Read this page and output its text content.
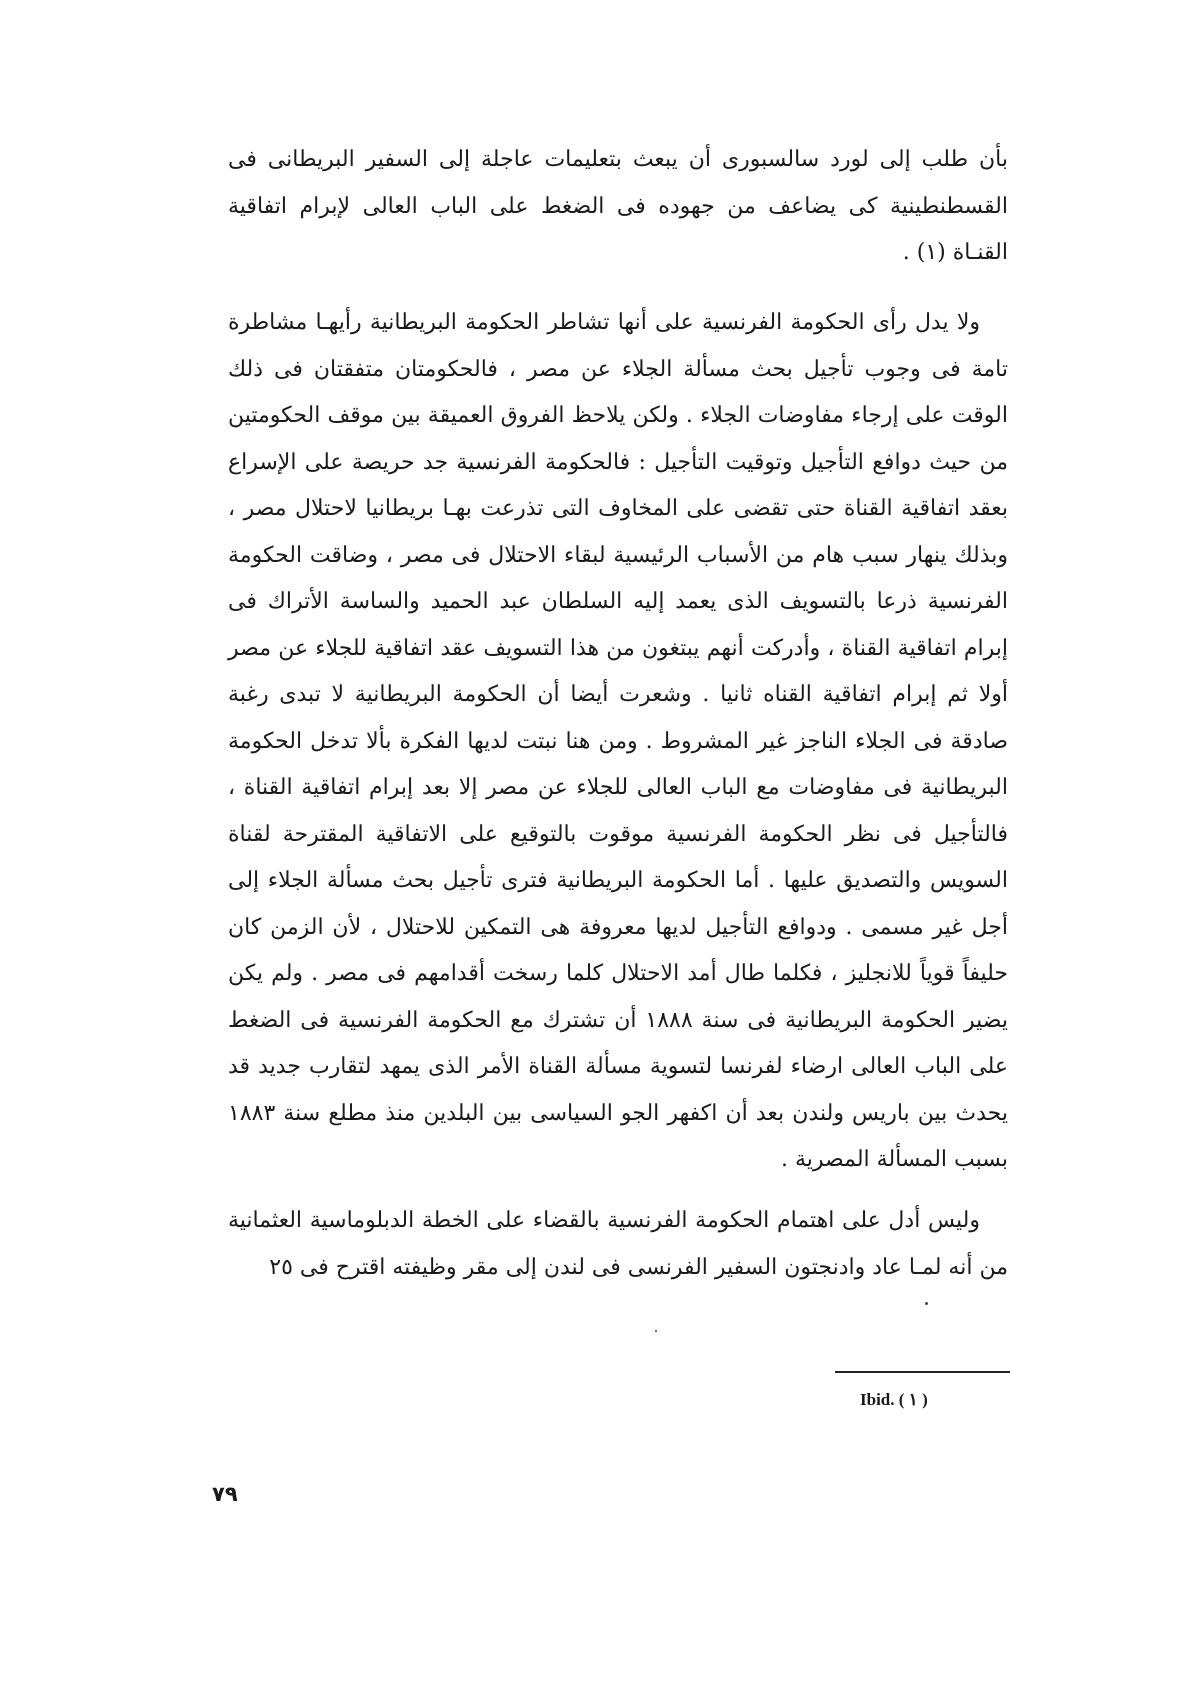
بأن طلب إلى لورد سالسبورى أن يبعث بتعليمات عاجلة إلى السفير البريطانى فى القسطنطينية كى يضاعف من جهوده فى الضغط على الباب العالى لإبرام اتفاقية القنـاة (١) .

ولا يدل رأى الحكومة الفرنسية على أنها تشاطر الحكومة البريطانية رأيهـا مشاطرة تامة فى وجوب تأجيل بحث مسألة الجلاء عن مصر ، فالحكومتان متفقتان فى ذلك الوقت على إرجاء مفاوضات الجلاء . ولكن يلاحظ الفروق العميقة بين موقف الحكومتين من حيث دوافع التأجيل وتوقيت التأجيل : فالحكومة الفرنسية جد حريصة على الإسراع بعقد اتفاقية القناة حتى تقضى على المخاوف التى تذرعت بهـا بريطانيا لاحتلال مصر ، وبذلك ينهار سبب هام من الأسباب الرئيسية لبقاء الاحتلال فى مصر ، وضاقت الحكومة الفرنسية ذرعا بالتسويف الذى يعمد إليه السلطان عبد الحميد والساسة الأتراك فى إبرام اتفاقية القناة ، وأدركت أنهم يبتغون من هذا التسويف عقد اتفاقية للجلاء عن مصر أولا ثم إبرام اتفاقية القناه ثانيا . وشعرت أيضا أن الحكومة البريطانية لا تبدى رغبة صادقة فى الجلاء الناجز غير المشروط . ومن هنا نبتت لديها الفكرة بألا تدخل الحكومة البريطانية فى مفاوضات مع الباب العالى للجلاء عن مصر إلا بعد إبرام اتفاقية القناة ، فالتأجيل فى نظر الحكومة الفرنسية موقوت بالتوقيع على الاتفاقية المقترحة لقناة السويس والتصديق عليها . أما الحكومة البريطانية فترى تأجيل بحث مسألة الجلاء إلى أجل غير مسمى . ودوافع التأجيل لديها معروفة هى التمكين للاحتلال ، لأن الزمن كان حليفاً قوياً للانجليز ، فكلما طال أمد الاحتلال كلما رسخت أقدامهم فى مصر . ولم يكن يضير الحكومة البريطانية فى سنة ١٨٨٨ أن تشترك مع الحكومة الفرنسية فى الضغط على الباب العالى ارضاء لفرنسا لتسوية مسألة القناة الأمر الذى يمهد لتقارب جديد قد يحدث بين باريس ولندن بعد أن اكفهر الجو السياسى بين البلدين منذ مطلع سنة ١٨٨٣ بسبب المسألة المصرية .

وليس أدل على اهتمام الحكومة الفرنسية بالقضاء على الخطة الدبلوماسية العثمانية من أنه لمـا عاد وادنجتون السفير الفرنسى فى لندن إلى مقر وظيفته اقترح فى ٢٥

Ibid. ( ١ )
٧٩
